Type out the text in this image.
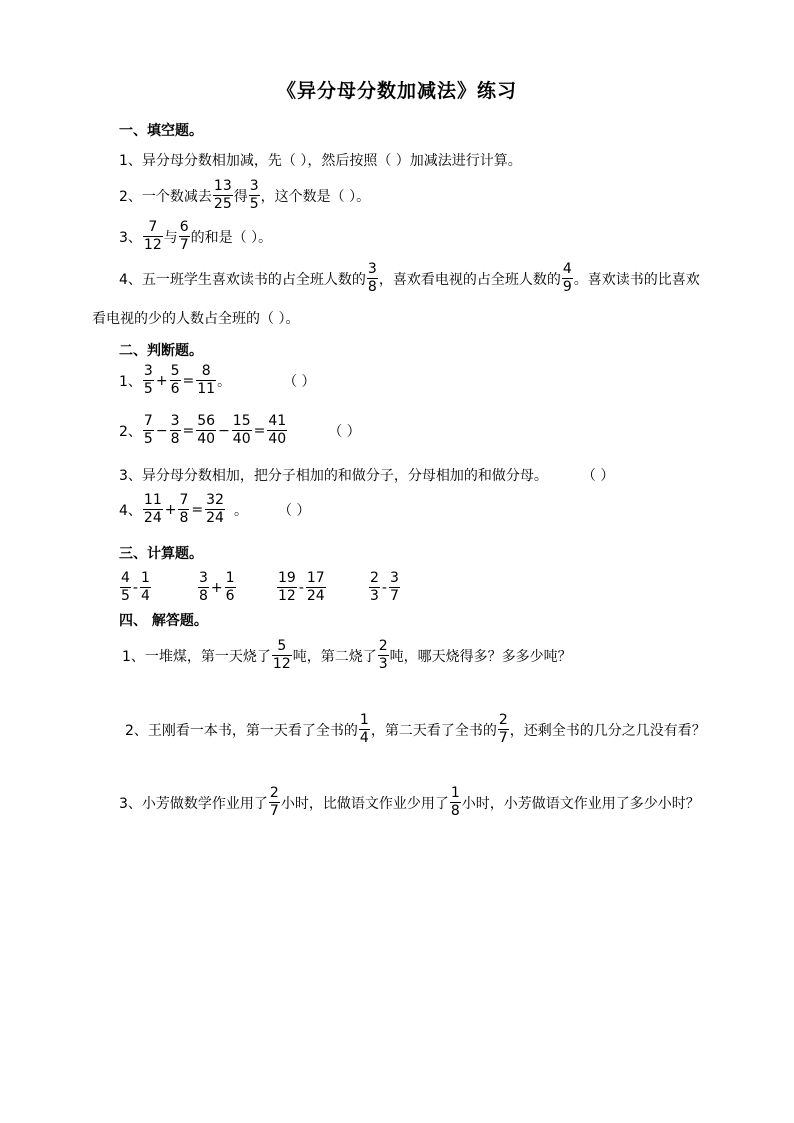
《异分母分数加减法》练习
一、填空题。
1、异分母分数相加减，先（ ），然后按照（ ）加减法进行计算。
2、一个数减去 $\frac{13}{25}$ 得 $\frac{3}{5}$ ，这个数是（ ）。
3、 $\frac{7}{12}$ 与 $\frac{6}{7}$ 的和是（ ）。
4、五一班学生喜欢读书的占全班人数的 $\frac{3}{8}$ ，喜欢看电视的占全班人数的 $\frac{4}{9}$ 。喜欢读书的比喜欢
看电视的少的人数占全班的（ ）。
二、判断题。
1、 $\frac{3}{5} + \frac{5}{6} = \frac{8}{11}$ 。	（ ）
2、 $\frac{7}{5} - \frac{3}{8} = \frac{56}{40} - \frac{15}{40} = \frac{41}{40}$	（ ）
3、异分母分数相加，把分子相加的和做分子，分母相加的和做分母。 （ ）
4、 $\frac{11}{24} + \frac{7}{8} = \frac{32}{24}$ 。 （ ）
三、计算题。
$\frac{4}{5} - \frac{1}{4}$	$\frac{3}{8} + \frac{1}{6}$	$\frac{19}{12} - \frac{17}{24}$	$\frac{2}{3} - \frac{3}{7}$
四、 解答题。
1、一堆煤，第一天烧了 $\frac{5}{12}$ 吨，第二烧了 $\frac{2}{3}$ 吨，哪天烧得多？多多少吨？
2、王刚看一本书，第一天看了全书的 $\frac{1}{4}$ ，第二天看了全书的 $\frac{2}{7}$ ，还剩全书的几分之几没有看？
3、小芳做数学作业用了 $\frac{2}{7}$ 小时，比做语文作业少用了 $\frac{1}{8}$ 小时，小芳做语文作业用了多少小时？
